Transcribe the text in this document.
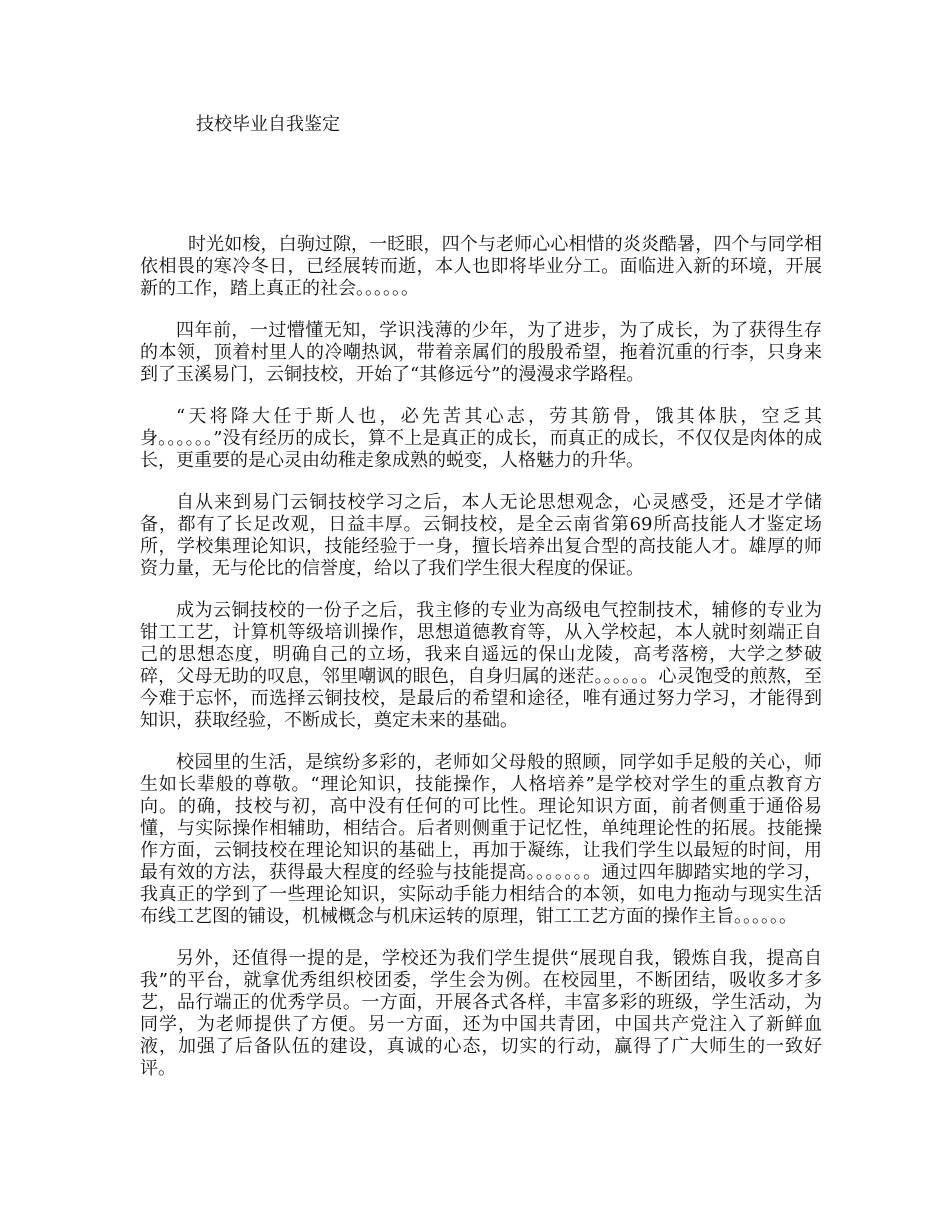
技校毕业自我鉴定

时光如梭，白驹过隙，一眨眼，四个与老师心心相惜的炎炎酷暑，四个与同学相依相畏的寒冷冬日，已经展转而逝，本人也即将毕业分工。面临进入新的环境，开展新的工作，踏上真正的社会。。。。。。

四年前，一过懵懂无知，学识浅薄的少年，为了进步，为了成长，为了获得生存的本领，顶着村里人的冷嘲热讽，带着亲属们的殷殷希望，拖着沉重的行李，只身来到了玉溪易门，云铜技校，开始了“其修远兮”的漫漫求学路程。

“天将降大任于斯人也，必先苦其心志，劳其筋骨，饿其体肤，空乏其身。。。。。。”没有经历的成长，算不上是真正的成长，而真正的成长，不仅仅是肉体的成长，更重要的是心灵由幼稚走象成熟的蜕变，人格魅力的升华。

自从来到易门云铜技校学习之后，本人无论思想观念，心灵感受，还是才学储备，都有了长足改观，日益丰厚。云铜技校，是全云南省第69所高技能人才鉴定场所，学校集理论知识，技能经验于一身，擅长培养出复合型的高技能人才。雄厚的师资力量，无与伦比的信誉度，给以了我们学生很大程度的保证。

成为云铜技校的一份子之后，我主修的专业为高级电气控制技术，辅修的专业为钳工工艺，计算机等级培训操作，思想道德教育等，从入学校起，本人就时刻端正自己的思想态度，明确自己的立场，我来自遥远的保山龙陵，高考落榜，大学之梦破碎，父母无助的叹息，邻里嘲讽的眼色，自身归属的迷茫。。。。。。心灵饱受的煎熬，至今难于忘怀，而选择云铜技校，是最后的希望和途径，唯有通过努力学习，才能得到知识，获取经验，不断成长，奠定未来的基础。

校园里的生活，是缤纷多彩的，老师如父母般的照顾，同学如手足般的关心，师生如长辈般的尊敬。“理论知识，技能操作，人格培养”是学校对学生的重点教育方向。的确，技校与初，高中没有任何的可比性。理论知识方面，前者侧重于通俗易懂，与实际操作相辅助，相结合。后者则侧重于记忆性，单纯理论性的拓展。技能操作方面，云铜技校在理论知识的基础上，再加于凝练，让我们学生以最短的时间，用最有效的方法，获得最大程度的经验与技能提高。。。。。。。通过四年脚踏实地的学习，我真正的学到了一些理论知识，实际动手能力相结合的本领，如电力拖动与现实生活布线工艺图的铺设，机械概念与机床运转的原理，钳工工艺方面的操作主旨。。。。。。

另外，还值得一提的是，学校还为我们学生提供“展现自我，锻炼自我，提高自我”的平台，就拿优秀组织校团委，学生会为例。在校园里，不断团结，吸收多才多艺，品行端正的优秀学员。一方面，开展各式各样，丰富多彩的班级，学生活动，为同学，为老师提供了方便。另一方面，还为中国共青团，中国共产党注入了新鲜血液，加强了后备队伍的建设，真诚的心态，切实的行动，赢得了广大师生的一致好评。
